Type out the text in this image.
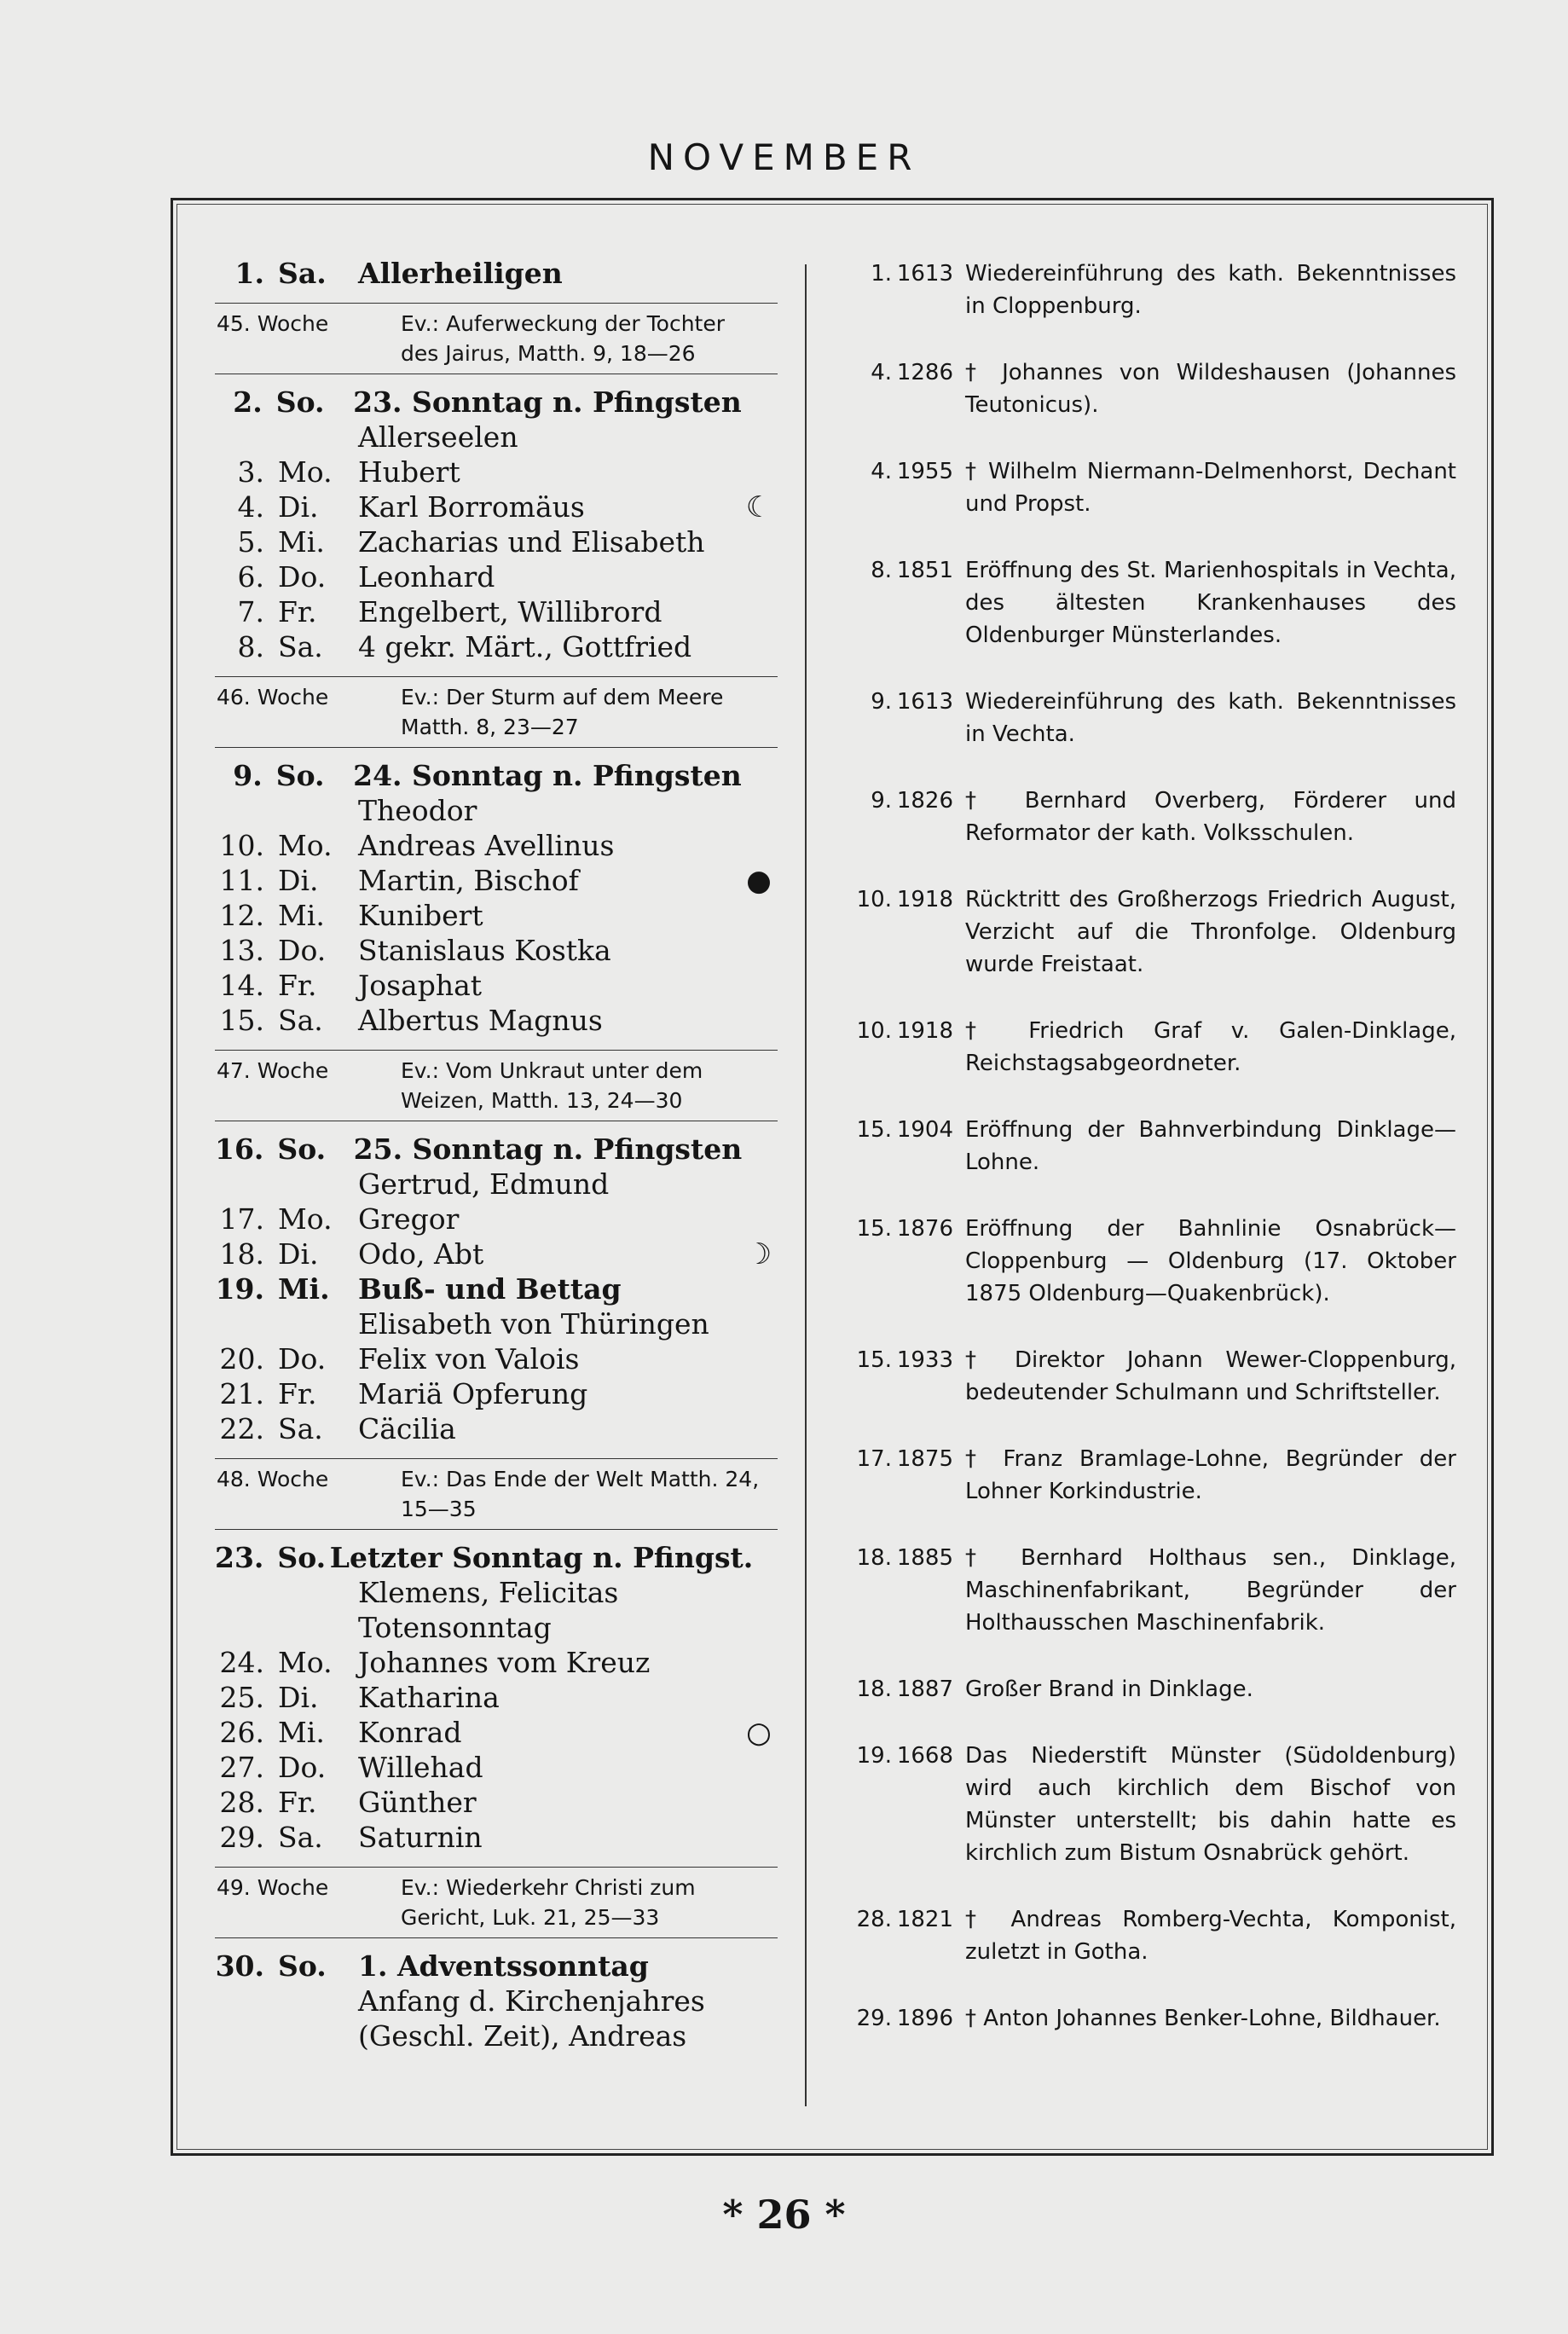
NOVEMBER
1. Sa.	Allerheiligen
45. Woche	Ev.: Auferweckung der Tochter des Jairus, Matth. 9, 18—26
2. So.	23. Sonntag n. Pfingsten
Allerseelen
3. Mo. Hubert
4. Di.	Karl Borromäus	☾
5. Mi.	Zacharias und Elisabeth
6. Do.	Leonhard
7. Fr.	Engelbert, Willibrord
8. Sa.	4 gekr. Märt., Gottfried
46. Woche	Ev.: Der Sturm auf dem Meere Matth. 8, 23—27
9. So.	24. Sonntag n. Pfingsten
Theodor
10. Mo. Andreas Avellinus
11. Di.	Martin, Bischof	●
12. Mi.	Kunibert
13. Do.	Stanislaus Kostka
14. Fr.	Josaphat
15. Sa.	Albertus Magnus
47. Woche	Ev.: Vom Unkraut unter dem Weizen, Matth. 13, 24—30
16. So. 25. Sonntag n. Pfingsten
Gertrud, Edmund
17. Mo. Gregor
18. Di.	Odo, Abt	☽
19. Mi.	Buß- und Bettag
Elisabeth von Thüringen
20. Do.	Felix von Valois
21. Fr.	Mariä Opferung
22. Sa.	Cäcilia
48. Woche	Ev.: Das Ende der Welt Matth. 24, 15—35
23. So. Letzter Sonntag n. Pfingst.
Klemens, Felicitas
Totensonntag
24. Mo. Johannes vom Kreuz
25. Di.	Katharina
26. Mi.	Konrad	○
27. Do.	Willehad
28. Fr.	Günther
29. Sa.	Saturnin
49. Woche	Ev.: Wiederkehr Christi zum Gericht, Luk. 21, 25—33
30. So.	1. Adventssonntag
Anfang d. Kirchenjahres
(Geschl. Zeit), Andreas
1. 1613 Wiedereinführung des kath. Bekenntnisses in Cloppenburg.
4. 1286 † Johannes von Wildeshausen (Johannes Teutonicus).
4. 1955 † Wilhelm Niermann-Delmenhorst, Dechant und Propst.
8. 1851 Eröffnung des St. Marienhospitals in Vechta, des ältesten Krankenhauses des Oldenburger Münsterlandes.
9. 1613 Wiedereinführung des kath. Bekenntnisses in Vechta.
9. 1826 † Bernhard Overberg, Förderer und Reformator der kath. Volksschulen.
10. 1918 Rücktritt des Großherzogs Friedrich August, Verzicht auf die Thronfolge. Oldenburg wurde Freistaat.
10. 1918 † Friedrich Graf v. Galen-Dinklage, Reichstagsabgeordneter.
15. 1904 Eröffnung der Bahnverbindung Dinklage—Lohne.
15. 1876 Eröffnung der Bahnlinie Osnabrück—Cloppenburg — Oldenburg (17. Oktober 1875 Oldenburg—Quakenbrück).
15. 1933 † Direktor Johann Wewer-Cloppenburg, bedeutender Schulmann und Schriftsteller.
17. 1875 † Franz Bramlage-Lohne, Begründer der Lohner Korkindustrie.
18. 1885 † Bernhard Holthaus sen., Dinklage, Maschinenfabrikant, Begründer der Holthausschen Maschinenfabrik.
18. 1887 Großer Brand in Dinklage.
19. 1668 Das Niederstift Münster (Südoldenburg) wird auch kirchlich dem Bischof von Münster unterstellt; bis dahin hatte es kirchlich zum Bistum Osnabrück gehört.
28. 1821 † Andreas Romberg-Vechta, Komponist, zuletzt in Gotha.
29. 1896 † Anton Johannes Benker-Lohne, Bildhauer.
* 26 *
